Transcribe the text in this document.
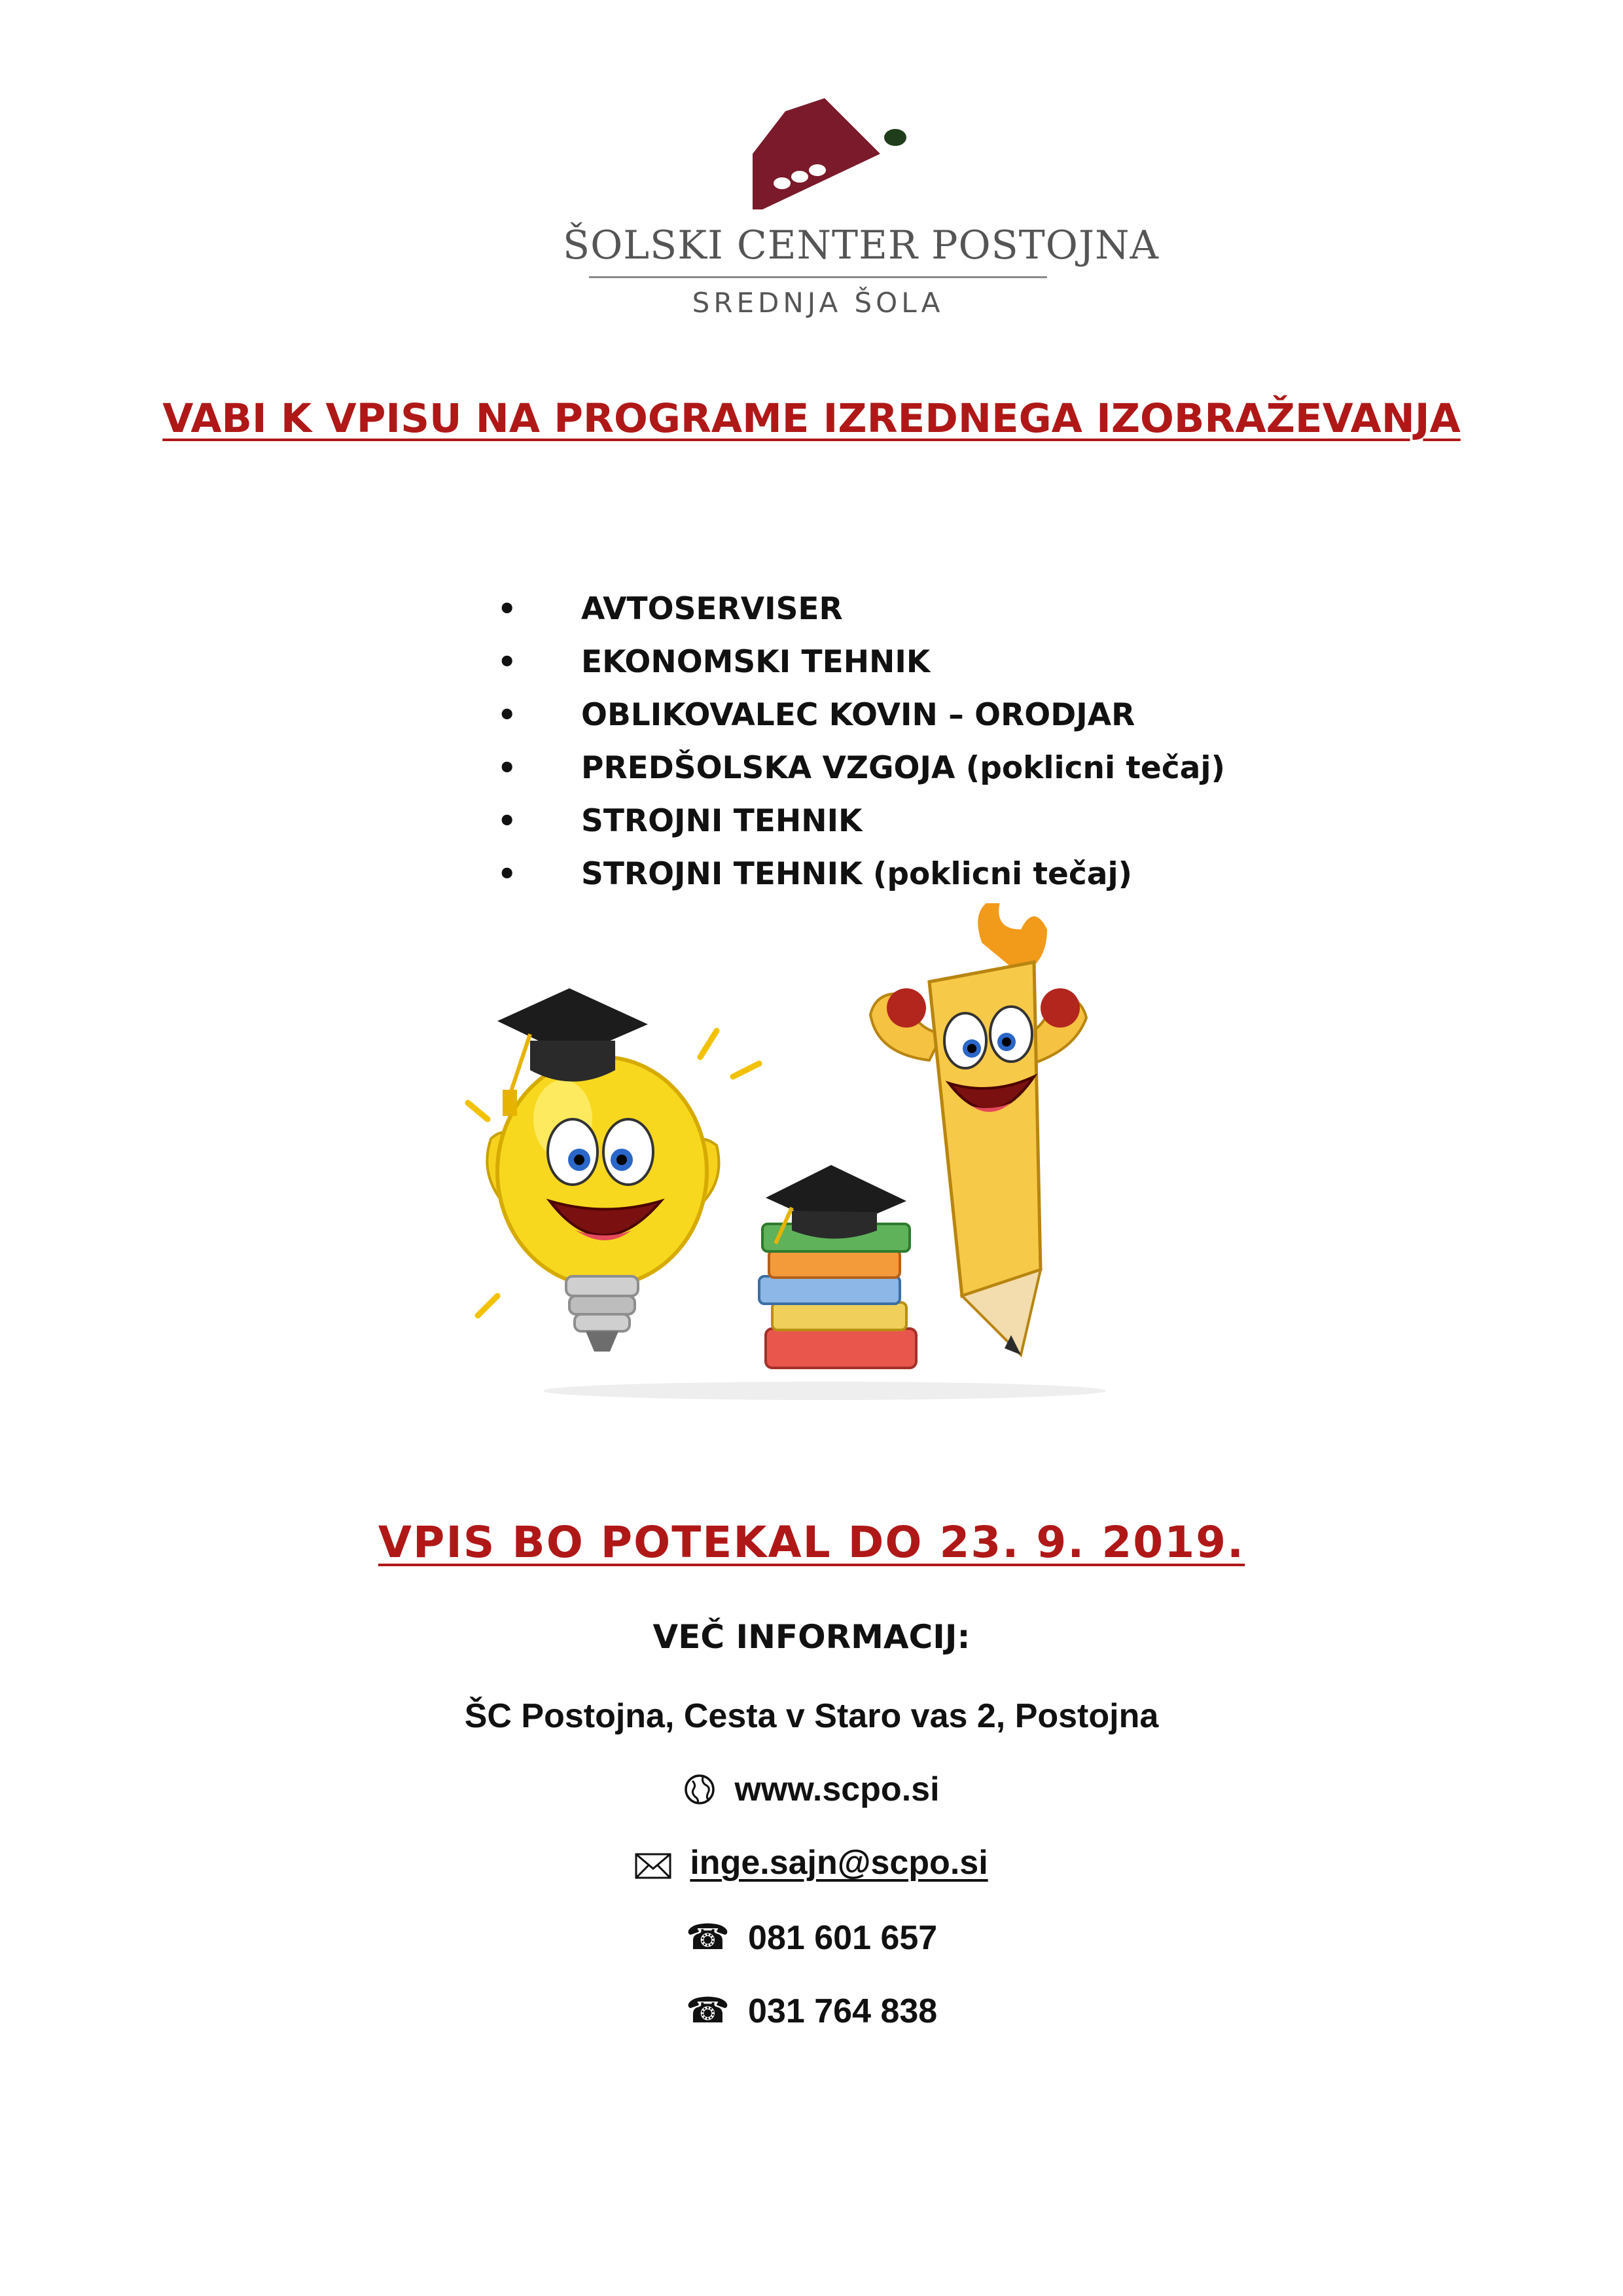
ŠOLSKI CENTER POSTOJNA
SREDNJA ŠOLA
VABI K VPISU NA PROGRAME IZREDNEGA IZOBRAŽEVANJA
• AVTOSERVISER
• EKONOMSKI TEHNIK
• OBLIKOVALEC KOVIN – ORODJAR
• PREDŠOLSKA VZGOJA (poklicni tečaj)
• STROJNI TEHNIK
• STROJNI TEHNIK (poklicni tečaj)
VPIS BO POTEKAL DO 23. 9. 2019.
VEČ INFORMACIJ:
ŠC Postojna, Cesta v Staro vas 2, Postojna
www.scpo.si
inge.sajn@scpo.si
☎ 081 601 657
☎ 031 764 838
